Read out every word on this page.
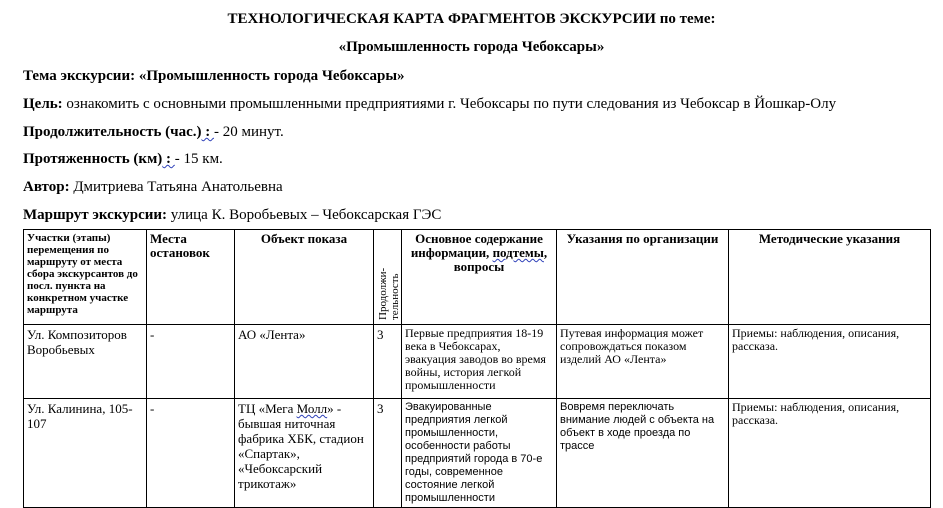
ТЕХНОЛОГИЧЕСКАЯ КАРТА ФРАГМЕНТОВ ЭКСКУРСИИ по теме:
«Промышленность города Чебоксары»
Тема экскурсии: «Промышленность города Чебоксары»
Цель: ознакомить с основными промышленными предприятиями г. Чебоксары по пути следования из Чебоксар в Йошкар-Олу
Продолжительность (час.) : - 20 минут.
Протяженность (км) : - 15 км.
Автор: Дмитриева Татьяна Анатольевна
Маршрут экскурсии: улица К. Воробьевых – Чебоксарская ГЭС
Участки (этапы) перемещения по маршруту от места сбора экскурсантов до посл. пункта на конкретном участке маршрута	Места остановок	Объект показа	Продолжи-тельность	Основное содержание информации, подтемы, вопросы	Указания по организации	Методические указания
Ул. Композиторов Воробьевых	-	АО «Лента»	3	Первые предприятия 18-19 века в Чебоксарах, эвакуация заводов во время войны, история легкой промышленности	Путевая информация может сопровождаться показом изделий АО «Лента»	Приемы: наблюдения, описания, рассказа.
Ул. Калинина, 105-107	-	ТЦ «Мега Молл» - бывшая ниточная фабрика ХБК, стадион «Спартак», «Чебоксарский трикотаж»	3	Эвакуированные предприятия легкой промышленности, особенности работы предприятий города в 70-е годы, современное состояние легкой промышленности	Вовремя переключать внимание людей с объекта на объект в ходе проезда по трассе	Приемы: наблюдения, описания, рассказа.
